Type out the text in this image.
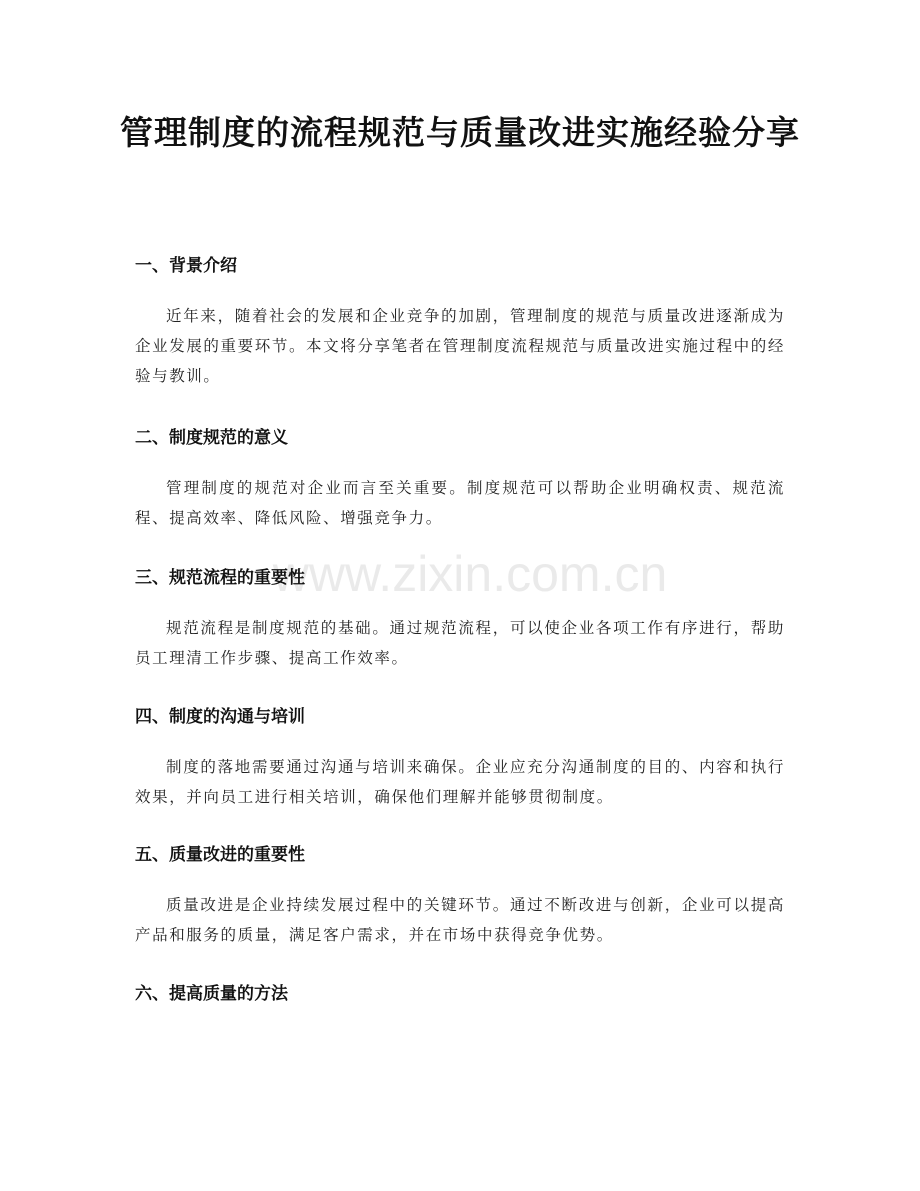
管理制度的流程规范与质量改进实施经验分享
www.zixin.com.cn
一、背景介绍
近年来，随着社会的发展和企业竞争的加剧，管理制度的规范与质量改进逐渐成为企业发展的重要环节。本文将分享笔者在管理制度流程规范与质量改进实施过程中的经验与教训。
二、制度规范的意义
管理制度的规范对企业而言至关重要。制度规范可以帮助企业明确权责、规范流程、提高效率、降低风险、增强竞争力。
三、规范流程的重要性
规范流程是制度规范的基础。通过规范流程，可以使企业各项工作有序进行，帮助员工理清工作步骤、提高工作效率。
四、制度的沟通与培训
制度的落地需要通过沟通与培训来确保。企业应充分沟通制度的目的、内容和执行效果，并向员工进行相关培训，确保他们理解并能够贯彻制度。
五、质量改进的重要性
质量改进是企业持续发展过程中的关键环节。通过不断改进与创新，企业可以提高产品和服务的质量，满足客户需求，并在市场中获得竞争优势。
六、提高质量的方法
